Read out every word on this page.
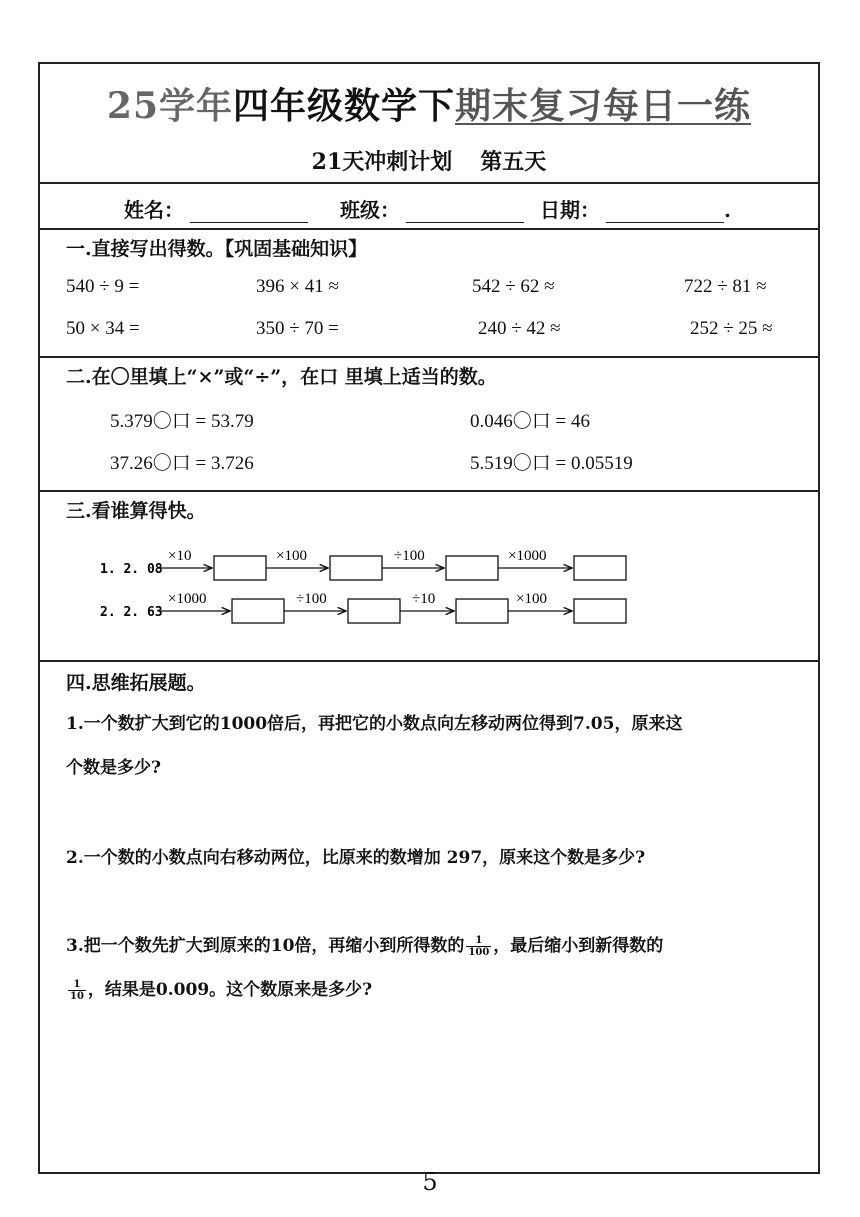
25学年四年级数学下期末复习每日一练
21天冲刺计划 第五天
姓名：	班级：	日期：	.
一.直接写出得数。【巩固基础知识】
540 ÷ 9 =	396 × 41 ≈	542 ÷ 62 ≈	722 ÷ 81 ≈
50 × 34 =	350 ÷ 70 =	240 ÷ 42 ≈	252 ÷ 25 ≈
二.在〇里填上“×”或“÷”，在口 里填上适当的数。
5.379〇口 = 53.79	0.046〇口 = 46
37.26〇口 = 3.726	5.519〇口 = 0.05519
三.看谁算得快。
1. 2. 08
×10	×100	÷100	×1000
2. 2. 63
×1000	÷100	÷10	×100
四.思维拓展题。
1.一个数扩大到它的1000倍后，再把它的小数点向左移动两位得到7.05，原来这
个数是多少?
2.一个数的小数点向右移动两位，比原来的数增加 297，原来这个数是多少?
3.把一个数先扩大到原来的10倍，再缩小到所得数的 $\frac{1}{100}$ ，最后缩小到新得数的
$\frac{1}{10}$ ，结果是0.009。这个数原来是多少?
5
